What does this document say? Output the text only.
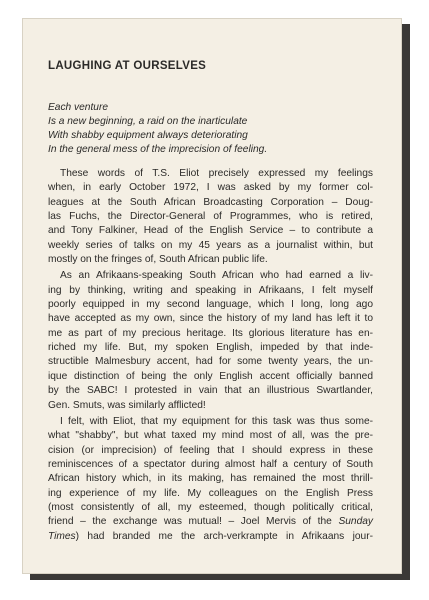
LAUGHING AT OURSELVES
Each venture
Is a new beginning, a raid on the inarticulate
With shabby equipment always deteriorating
In the general mess of the imprecision of feeling.
These words of T.S. Eliot precisely expressed my feelings
when, in early October 1972, I was asked by my former col-
leagues at the South African Broadcasting Corporation – Doug-
las Fuchs, the Director-General of Programmes, who is retired,
and Tony Falkiner, Head of the English Service – to contribute a
weekly series of talks on my 45 years as a journalist within, but
mostly on the fringes of, South African public life.
As an Afrikaans-speaking South African who had earned a liv-
ing by thinking, writing and speaking in Afrikaans, I felt myself
poorly equipped in my second language, which I long, long ago
have accepted as my own, since the history of my land has left it to
me as part of my precious heritage. Its glorious literature has en-
riched my life. But, my spoken English, impeded by that inde-
structible Malmesbury accent, had for some twenty years, the un-
ique distinction of being the only English accent officially banned
by the SABC! I protested in vain that an illustrious Swartlander,
Gen. Smuts, was similarly afflicted!
I felt, with Eliot, that my equipment for this task was thus some-
what "shabby", but what taxed my mind most of all, was the pre-
cision (or imprecision) of feeling that I should express in these
reminiscences of a spectator during almost half a century of South
African history which, in its making, has remained the most thrill-
ing experience of my life. My colleagues on the English Press
(most consistently of all, my esteemed, though politically critical,
friend – the exchange was mutual! – Joel Mervis of the Sunday
Times) had branded me the arch-verkrampte in Afrikaans jour-
